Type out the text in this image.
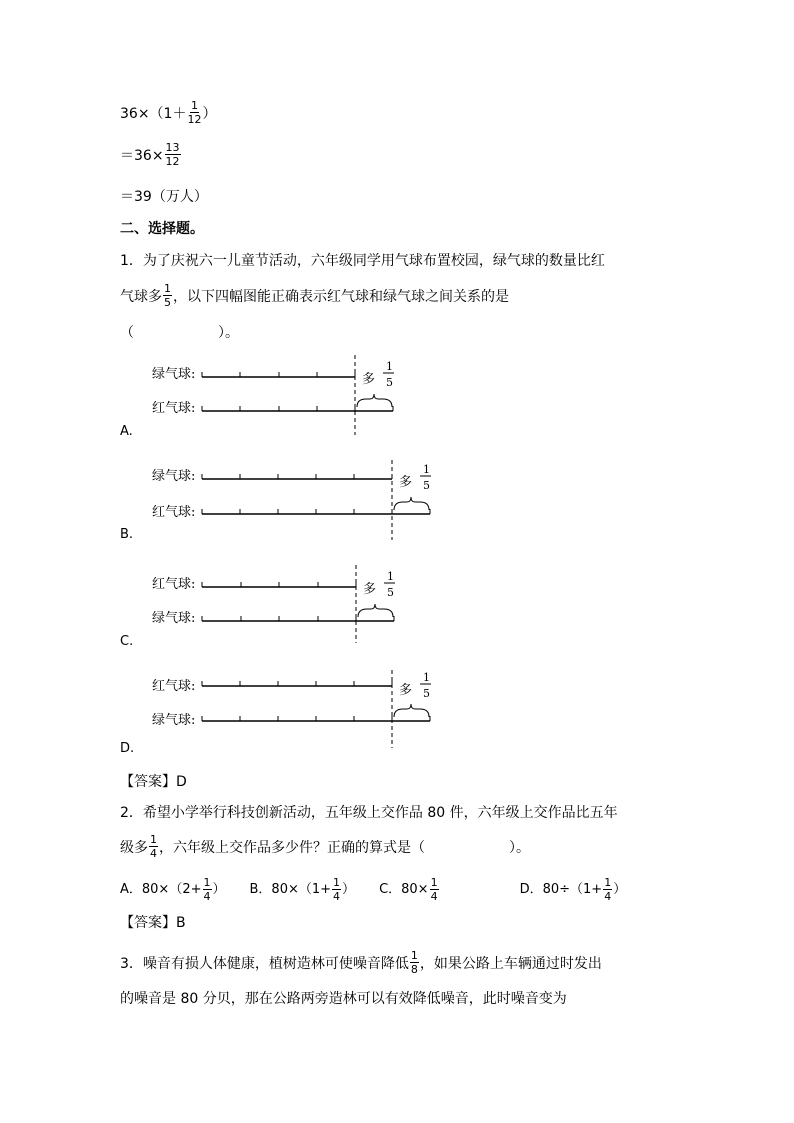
$36\times(1+ \frac{1}{12}$ ）
$=36\times \frac{13}{12}$
＝39（万人）
二、选择题。
1．为了庆祝六一儿童节活动，六年级同学用气球布置校园，绿气球的数量比红
气球多 $\frac{1}{5}$ ，以下四幅图能正确表示红气球和绿气球之间关系的是
（　　　　　　）。
绿气球:
红气球:
多
1
5
A.
绿气球:
红气球:
多
1
5
B.
红气球:
绿气球:
多
1
5
C.
红气球:
绿气球:
多
1
5
D.
【答案】D
2．希望小学举行科技创新活动，五年级上交作品 80 件，六年级上交作品比五年
级多 $\frac{1}{4}$ ，六年级上交作品多少件？正确的算式是（　　　　　　）。
A．$80\times(2+ \frac{1}{4}$ ） B．$80\times(1+ \frac{1}{4}$ ） C．$80\times \frac{1}{4}$	D．$80\div(1+ \frac{1}{4}$ ）
【答案】B
3．噪音有损人体健康，植树造林可使噪音降低 $\frac{1}{8}$ ，如果公路上车辆通过时发出
的噪音是 80 分贝，那在公路两旁造林可以有效降低噪音，此时噪音变为
